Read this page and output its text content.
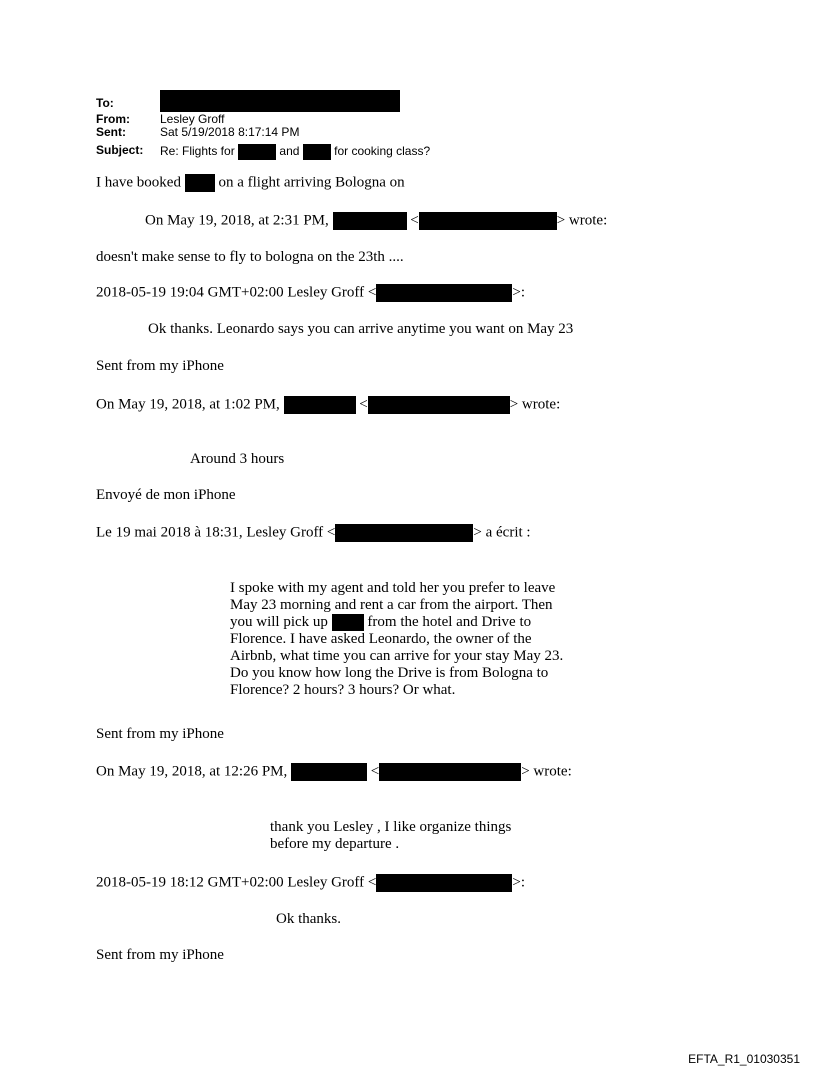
To:
From:	Lesley Groff
Sent:	Sat 5/19/2018 8:17:14 PM
Subject: Re: Flights for	and	for cooking class?
I have booked	on a flight arriving Bologna on
On May 19, 2018, at 2:31 PM,	<	> wrote:
doesn't make sense to fly to bologna on the 23th ....
2018-05-19 19:04 GMT+02:00 Lesley Groff <	>:
Ok thanks. Leonardo says you can arrive anytime you want on May 23
Sent from my iPhone
On May 19, 2018, at 1:02 PM,	<	> wrote:
Around 3 hours
Envoyé de mon iPhone
Le 19 mai 2018 à 18:31, Lesley Groff <	> a écrit :
I spoke with my agent and told her you prefer to leave
May 23 morning and rent a car from the airport. Then
you will pick up	from the hotel and Drive to
Florence. I have asked Leonardo, the owner of the
Airbnb, what time you can arrive for your stay May 23.
Do you know how long the Drive is from Bologna to
Florence? 2 hours? 3 hours? Or what.
Sent from my iPhone
On May 19, 2018, at 12:26 PM,	<	> wrote:
thank you Lesley , I like organize things
before my departure .
2018-05-19 18:12 GMT+02:00 Lesley Groff <	>:
Ok thanks.
Sent from my iPhone
EFTA_R1_01030351
